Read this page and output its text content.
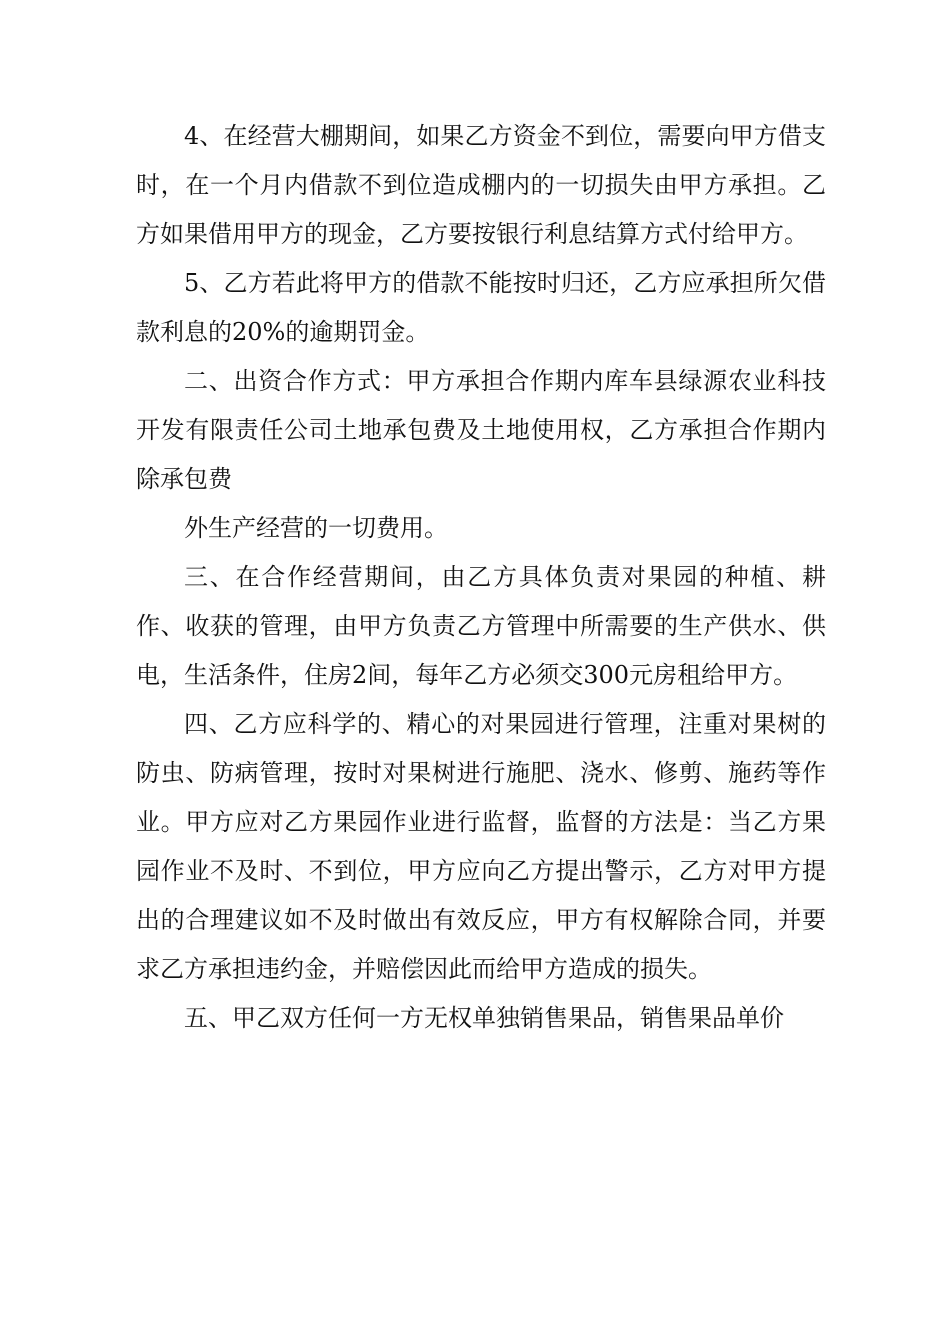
4、在经营大棚期间，如果乙方资金不到位，需要向甲方借支时，在一个月内借款不到位造成棚内的一切损失由甲方承担。乙方如果借用甲方的现金，乙方要按银行利息结算方式付给甲方。

5、乙方若此将甲方的借款不能按时归还，乙方应承担所欠借款利息的20%的逾期罚金。

二、出资合作方式：甲方承担合作期内库车县绿源农业科技开发有限责任公司土地承包费及土地使用权，乙方承担合作期内除承包费

外生产经营的一切费用。

三、在合作经营期间，由乙方具体负责对果园的种植、耕作、收获的管理，由甲方负责乙方管理中所需要的生产供水、供电，生活条件，住房2间，每年乙方必须交300元房租给甲方。

四、乙方应科学的、精心的对果园进行管理，注重对果树的防虫、防病管理，按时对果树进行施肥、浇水、修剪、施药等作业。甲方应对乙方果园作业进行监督，监督的方法是：当乙方果园作业不及时、不到位，甲方应向乙方提出警示，乙方对甲方提出的合理建议如不及时做出有效反应，甲方有权解除合同，并要求乙方承担违约金，并赔偿因此而给甲方造成的损失。

五、甲乙双方任何一方无权单独销售果品，销售果品单价
